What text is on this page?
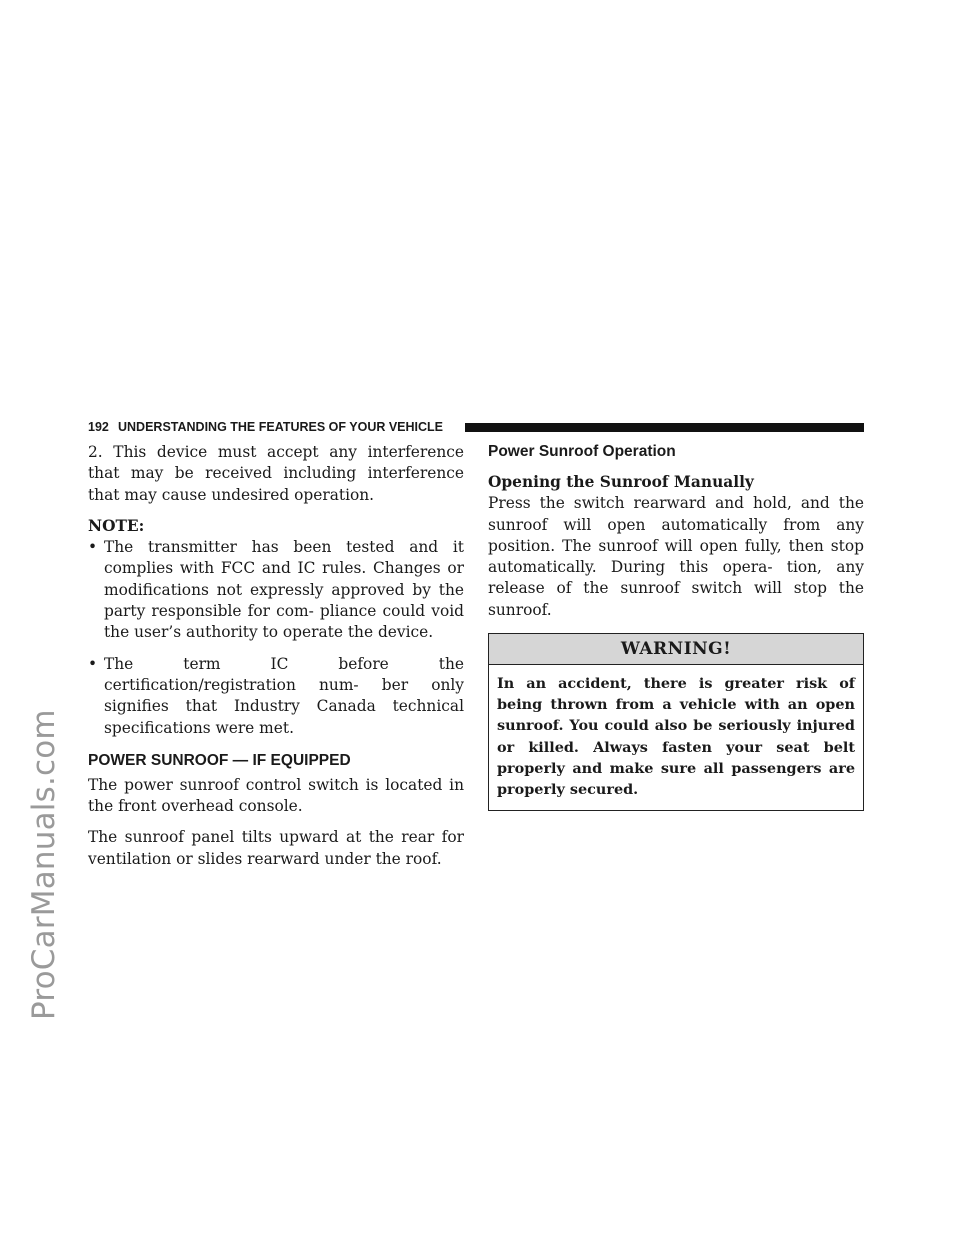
ProCarManuals.com
192 UNDERSTANDING THE FEATURES OF YOUR VEHICLE

2. This device must accept any interference that may be received including interference that may cause undesired operation.

NOTE:
• The transmitter has been tested and it complies with FCC and IC rules. Changes or modifications not expressly approved by the party responsible for com- pliance could void the user’s authority to operate the device.
• The term IC before the certification/registration num- ber only signifies that Industry Canada technical specifications were met.
POWER SUNROOF — IF EQUIPPED

The power sunroof control switch is located in the front overhead console.

The sunroof panel tilts upward at the rear for ventilation or slides rearward under the roof.

Power Sunroof Operation
Opening the Sunroof Manually

Press the switch rearward and hold, and the sunroof will open automatically from any position. The sunroof will open fully, then stop automatically. During this opera- tion, any release of the sunroof switch will stop the sunroof.

WARNING!
In an accident, there is greater risk of being thrown from a vehicle with an open sunroof. You could also be seriously injured or killed. Always fasten your seat belt properly and make sure all passengers are properly secured.
